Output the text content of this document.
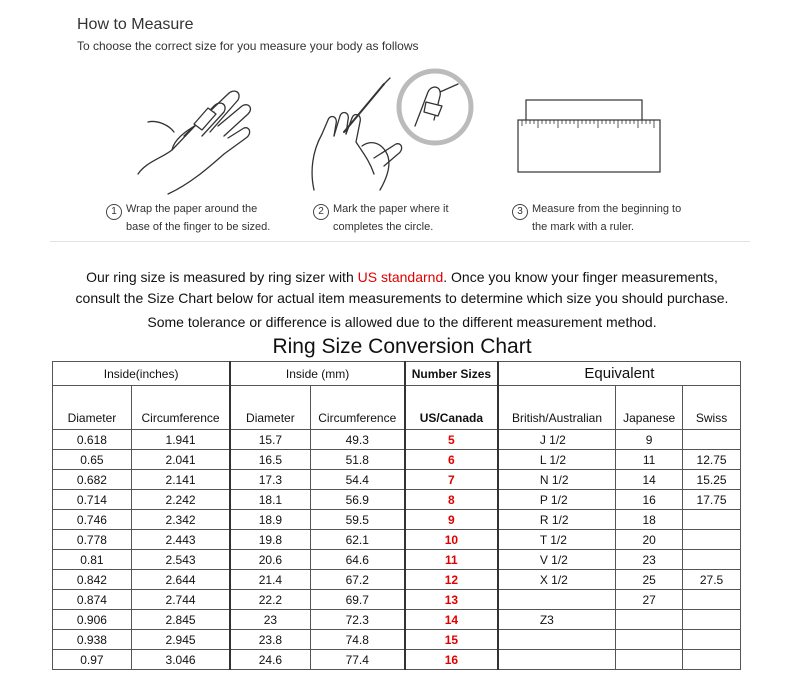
How to Measure
To choose the correct size for you measure your body as follows
1 Wrap the paper around the
base of the finger to be sized.
2 Mark the paper where it
completes the circle.
3 Measure from the beginning to
the mark with a ruler.
Our ring size is measured by ring sizer with US standarnd. Once you know your finger measurements,
consult the Size Chart below for actual item measurements to determine which size you should purchase.
Some tolerance or difference is allowed due to the different measurement method.
Ring Size Conversion Chart
Inside(inches)		Inside (mm)		Number Sizes	Equivalent		
Diameter	Circumference	Diameter	Circumference	US/Canada	British/Australian	Japanese	Swiss
0.618	1.941	15.7	49.3	5	J 1/2	9	
0.65	2.041	16.5	51.8	6	L 1/2	11	12.75
0.682	2.141	17.3	54.4	7	N 1/2	14	15.25
0.714	2.242	18.1	56.9	8	P 1/2	16	17.75
0.746	2.342	18.9	59.5	9	R 1/2	18	
0.778	2.443	19.8	62.1	10	T 1/2	20	
0.81	2.543	20.6	64.6	11	V 1/2	23	
0.842	2.644	21.4	67.2	12	X 1/2	25	27.5
0.874	2.744	22.2	69.7	13		27	
0.906	2.845	23	72.3	14	Z3		
0.938	2.945	23.8	74.8	15			
0.97	3.046	24.6	77.4	16			
